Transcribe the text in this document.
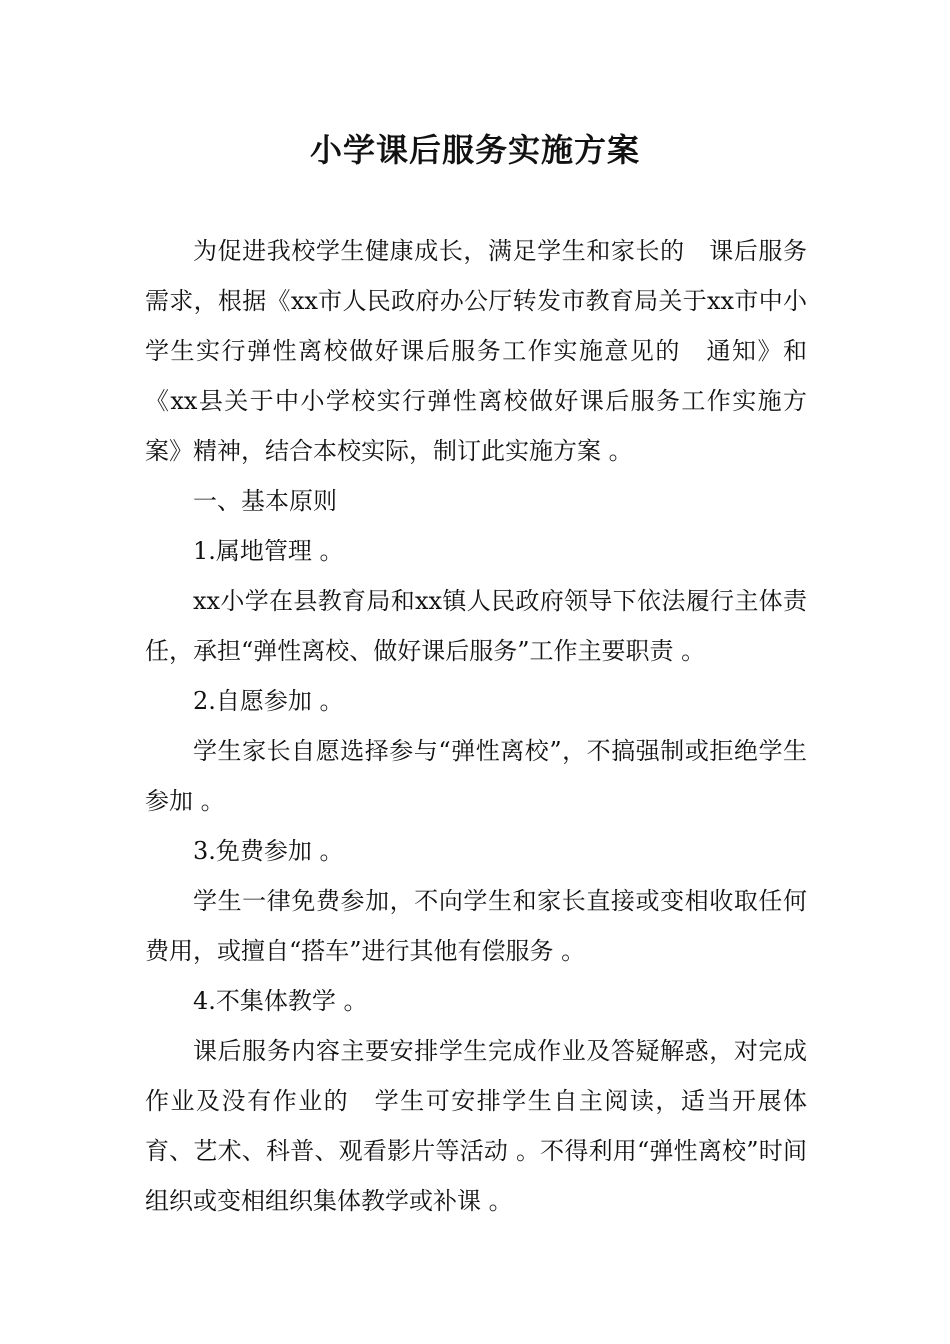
小学课后服务实施方案

为促进我校学生健康成长，满足学生和家长的　课后服务需求，根据《xx市人民政府办公厅转发市教育局关于xx市中小学生实行弹性离校做好课后服务工作实施意见的　通知》和《xx县关于中小学校实行弹性离校做好课后服务工作实施方案》精神，结合本校实际，制订此实施方案 。

一、基本原则

1.属地管理 。

xx小学在县教育局和xx镇人民政府领导下依法履行主体责任，承担“弹性离校、做好课后服务”工作主要职责 。

2.自愿参加 。

学生家长自愿选择参与“弹性离校”，不搞强制或拒绝学生参加 。

3.免费参加 。

学生一律免费参加，不向学生和家长直接或变相收取任何费用，或擅自“搭车”进行其他有偿服务 。

4.不集体教学 。

课后服务内容主要安排学生完成作业及答疑解惑，对完成作业及没有作业的　学生可安排学生自主阅读，适当开展体育、艺术、科普、观看影片等活动 。不得利用“弹性离校”时间组织或变相组织集体教学或补课 。
